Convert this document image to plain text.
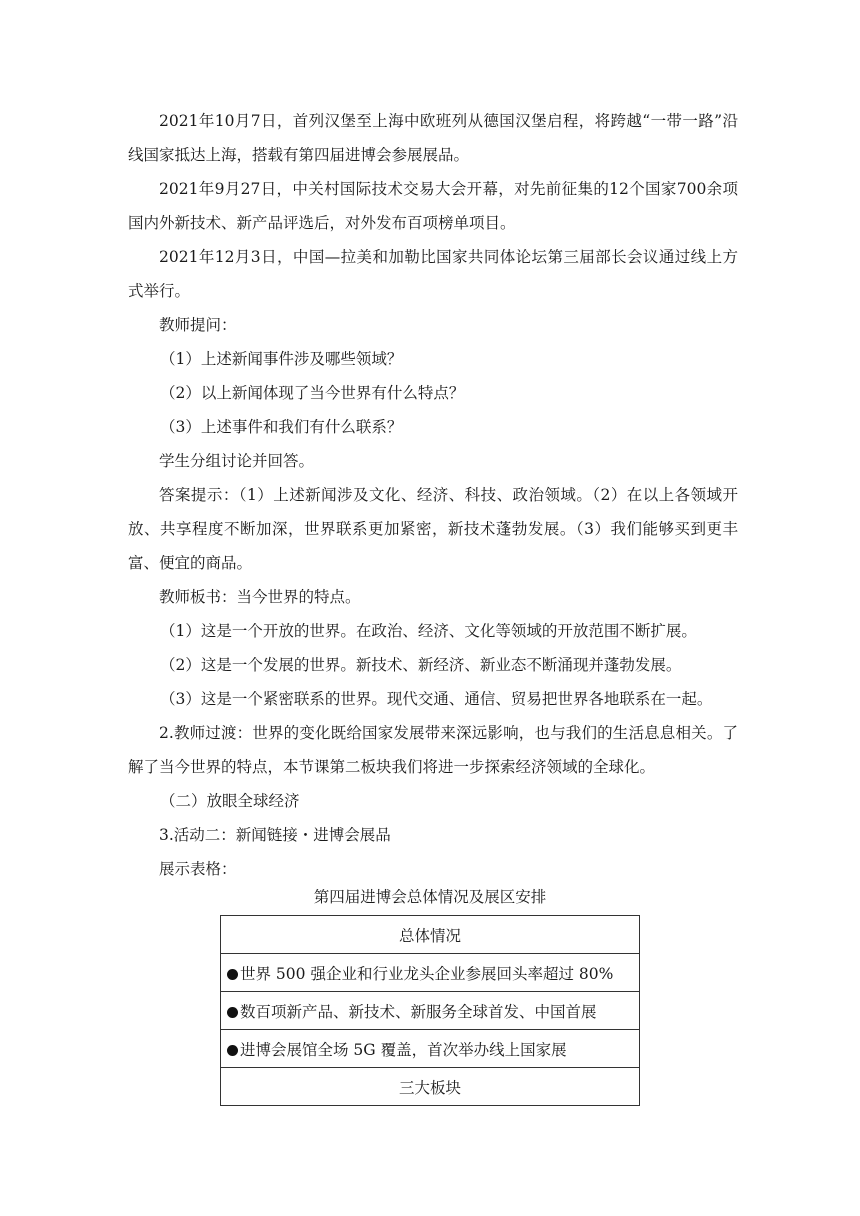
2021年10月7日，首列汉堡至上海中欧班列从德国汉堡启程，将跨越“一带一路”沿线国家抵达上海，搭载有第四届进博会参展展品。

2021年9月27日，中关村国际技术交易大会开幕，对先前征集的12个国家700余项国内外新技术、新产品评选后，对外发布百项榜单项目。

2021年12月3日，中国—拉美和加勒比国家共同体论坛第三届部长会议通过线上方式举行。

教师提问：
（1）上述新闻事件涉及哪些领域？
（2）以上新闻体现了当今世界有什么特点？
（3）上述事件和我们有什么联系？
学生分组讨论并回答。

答案提示：（1）上述新闻涉及文化、经济、科技、政治领域。（2）在以上各领域开放、共享程度不断加深，世界联系更加紧密，新技术蓬勃发展。（3）我们能够买到更丰富、便宜的商品。

教师板书：当今世界的特点。
（1）这是一个开放的世界。在政治、经济、文化等领域的开放范围不断扩展。
（2）这是一个发展的世界。新技术、新经济、新业态不断涌现并蓬勃发展。
（3）这是一个紧密联系的世界。现代交通、通信、贸易把世界各地联系在一起。

2.教师过渡：世界的变化既给国家发展带来深远影响，也与我们的生活息息相关。了解了当今世界的特点，本节课第二板块我们将进一步探索经济领域的全球化。

（二）放眼全球经济
3.活动二：新闻链接・进博会展品
展示表格：
第四届进博会总体情况及展区安排
总体情况
世界 500 强企业和行业龙头企业参展回头率超过 80%
数百项新产品、新技术、新服务全球首发、中国首展
进博会展馆全场 5G 覆盖，首次举办线上国家展
三大板块
